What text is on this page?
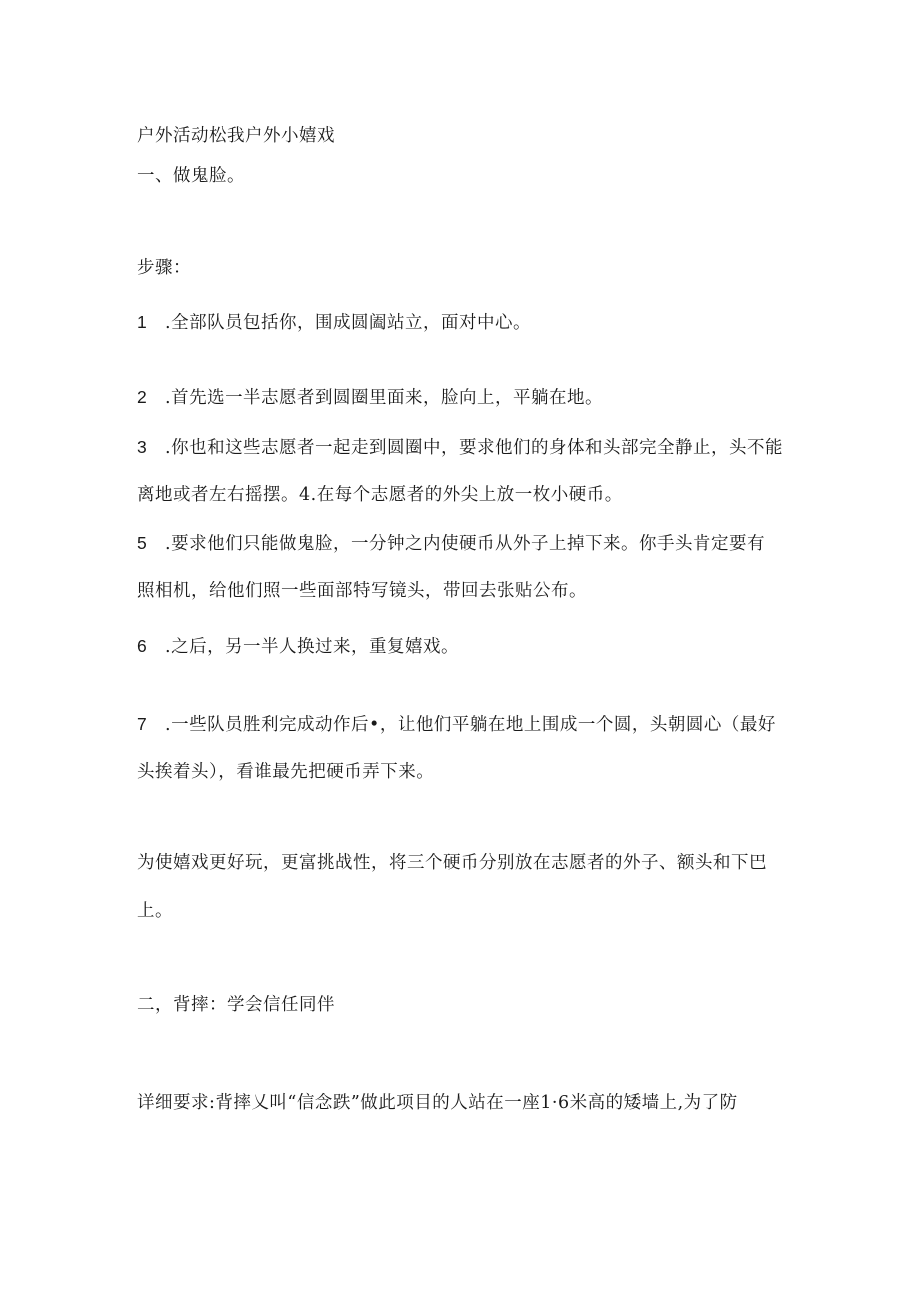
户外活动松我户外小嬉戏
一、做鬼脸。
步骤：
1 .全部队员包括你，围成圆阖站立，面对中心。
2 .首先选一半志愿者到圆圈里面来，脸向上，平躺在地。
3 .你也和这些志愿者一起走到圆圈中，要求他们的身体和头部完全静止，头不能
离地或者左右摇摆。4.在每个志愿者的外尖上放一枚小硬币。
5 .要求他们只能做鬼脸，一分钟之内使硬币从外子上掉下来。你手头肯定要有
照相机，给他们照一些面部特写镜头，带回去张贴公布。
6 .之后，另一半人换过来，重复嬉戏。
7 .一些队员胜利完成动作后•，让他们平躺在地上围成一个圆，头朝圆心（最好
头挨着头），看谁最先把硬币弄下来。
为使嬉戏更好玩，更富挑战性，将三个硬币分别放在志愿者的外子、额头和下巴
上。
二，背摔：学会信任同伴
详细要求:背摔乂叫“信念跌”做此项目的人站在一座1·6米高的矮墙上,为了防
